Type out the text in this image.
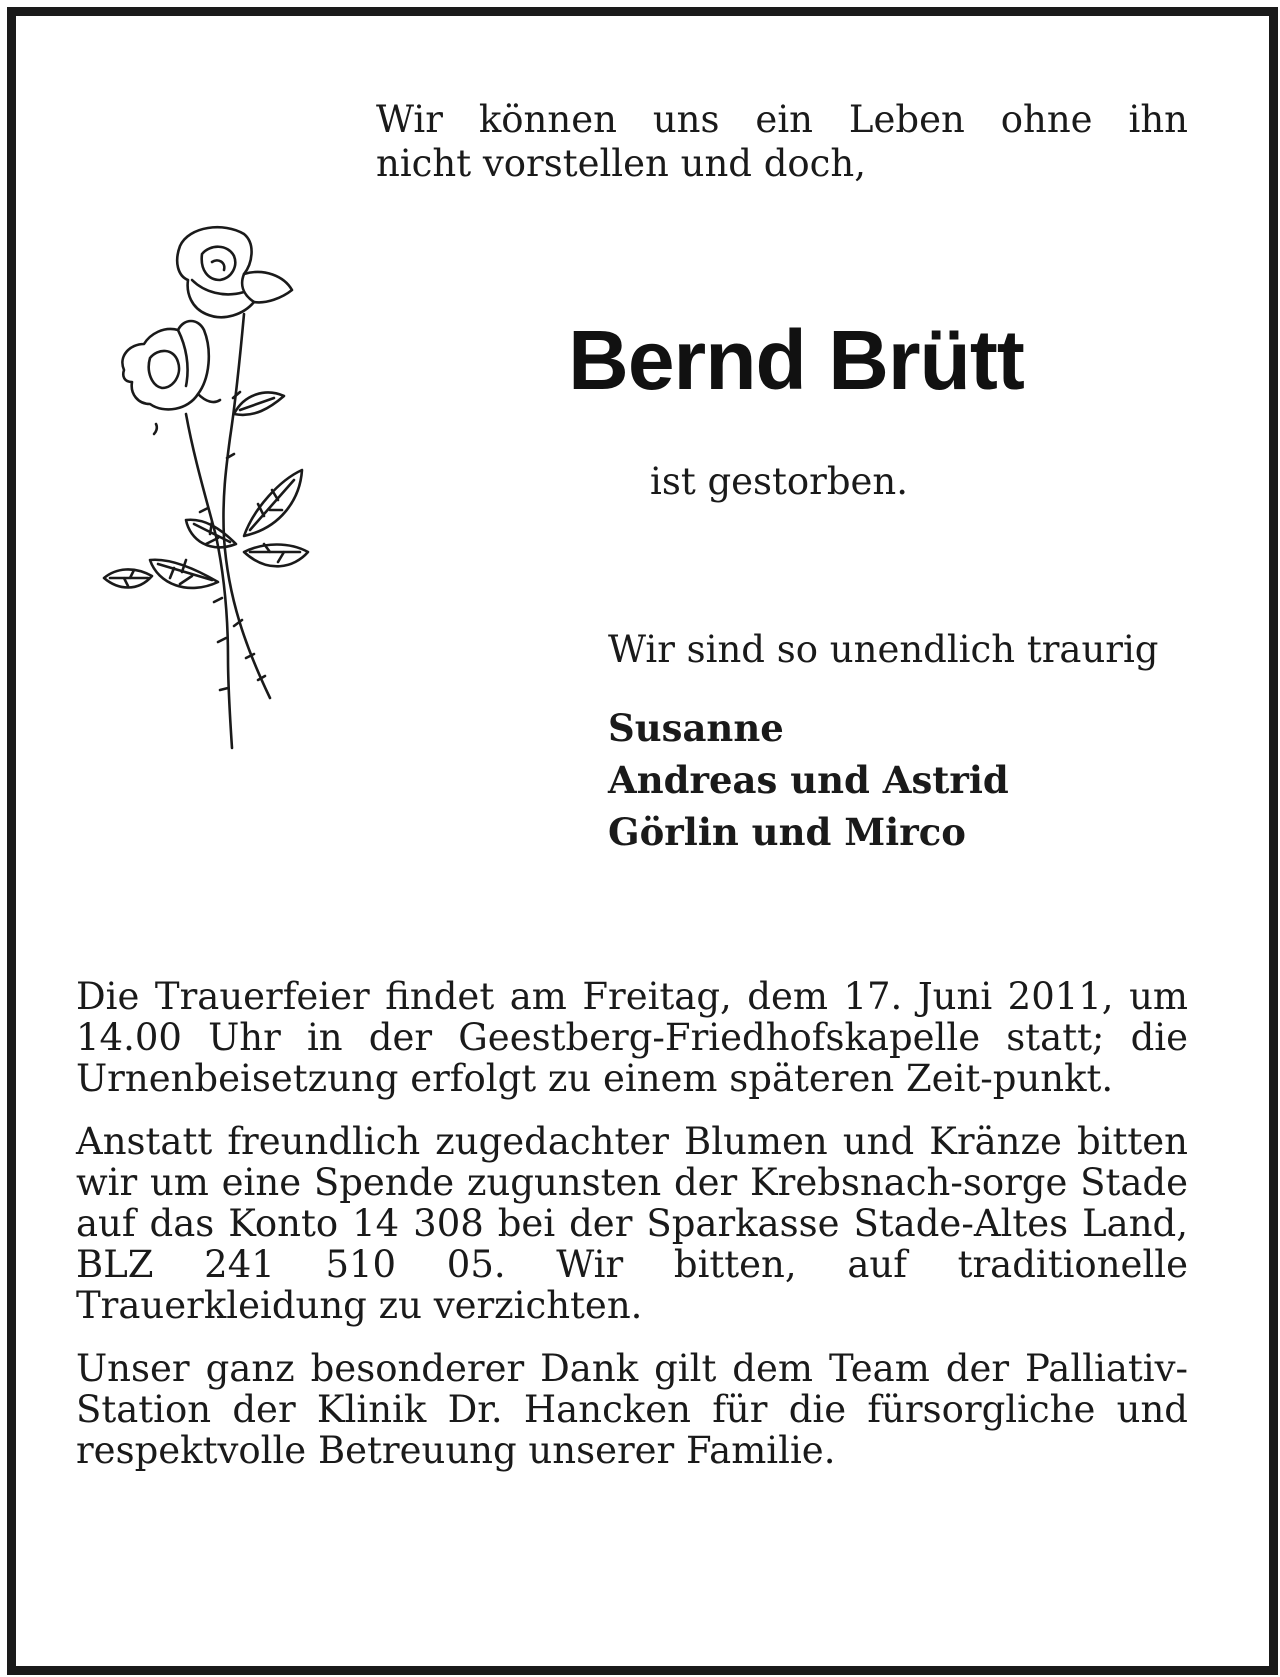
Wir können uns ein Leben ohne ihn
nicht vorstellen und doch,
Bernd Brütt
ist gestorben.
Wir sind so unendlich traurig
Susanne
Andreas und Astrid
Görlin und Mirco

Die Trauerfeier findet am Freitag, dem 17. Juni 2011, um 14.00 Uhr in der Geestberg-Friedhofskapelle statt; die Urnenbeisetzung erfolgt zu einem späteren Zeit-punkt.

Anstatt freundlich zugedachter Blumen und Kränze bitten wir um eine Spende zugunsten der Krebsnach-sorge Stade auf das Konto 14 308 bei der Sparkasse Stade-Altes Land, BLZ 241 510 05. Wir bitten, auf traditionelle Trauerkleidung zu verzichten.

Unser ganz besonderer Dank gilt dem Team der Palliativ-Station der Klinik Dr. Hancken für die fürsorgliche und respektvolle Betreuung unserer Familie.
